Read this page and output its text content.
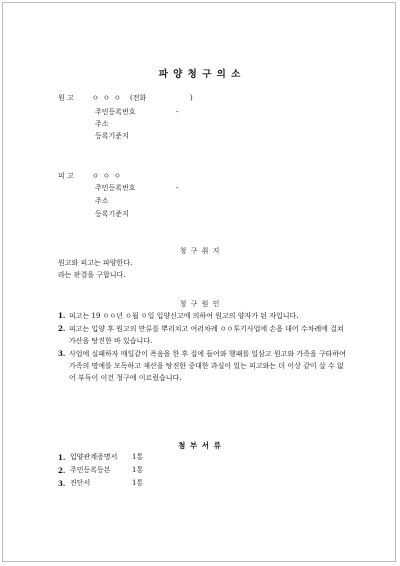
파 양 청 구 의 소
원 고	ㅇ ㅇ ㅇ (전화	)
주민등록번호	-
주소
등록기준지
피 고	ㅇ ㅇ ㅇ
주민등록번호	-
주소
등록기준지
청 구 취 지
원고와 피고는 파양한다.
라는 판결을 구합니다.
청 구 원 인
1. 피고는 19 ㅇㅇ년 ㅇ월 ㅇ일 입양신고에 의하여 원고의 양자가 된 자입니다.
2. 피고는 입양 후 원고의 만류를 뿌리치고 여러차례 ㅇㅇ투기사업에 손을 대어 수차례에 걸쳐 가산을 탕진한 바 있습니다.
3. 사업에 실패하자 매일같이 폭음을 한 후 집에 들어와 행패를 일삼고 원고와 가족을 구타하여 가족의 명예를 모독하고 재산을 탕진한 중대한 과실이 있는 피고와는 더 이상 같이 살 수 없어 부득이 이건 청구에 이르렀습니다.
첨 부 서 류
1. 입양관계증명서 1통
2. 주민등록등본	1통
3. 진단서	1통
